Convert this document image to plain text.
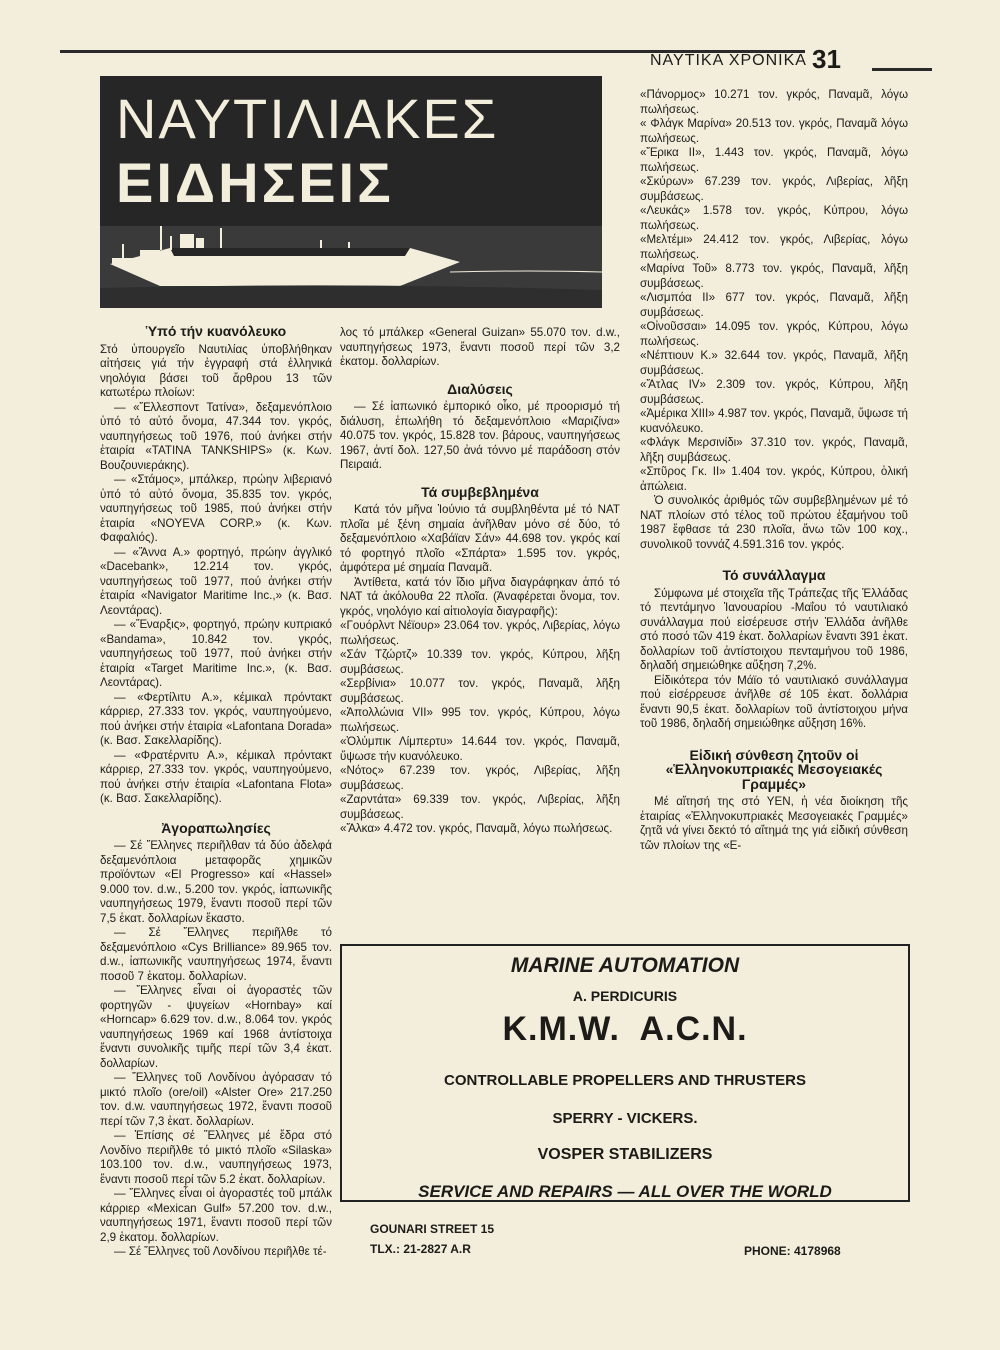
ΝΑΥΤΙΚΑ ΧΡΟΝΙΚΑ 31
ΝΑΥΤΙΛΙΑΚΕΣ
ΕΙΔΗΣΕΙΣ
Ὑπό τήν κυανόλευκο

Στό ὑπουργεῖο Ναυτιλίας ὑποβλήθηκαν αἰτήσεις γιά τήν ἐγγραφή στά ἑλληνικά νηολόγια βάσει τοῦ ἄρθρου 13 τῶν κατωτέρω πλοίων:

— «Ἕλλεσποντ Τατίνα», δεξαμενόπλοιο ὑπό τό αὐτό ὄνομα, 47.344 τον. γκρός, ναυπηγήσεως τοῦ 1976, πού ἀνήκει στήν ἑταιρία «TATINA TANKSHIPS» (κ. Κων. Βουζουνιεράκης).

— «Στάμος», μπάλκερ, πρώην λιβεριανό ὑπό τό αὐτό ὄνομα, 35.835 τον. γκρός, ναυπηγήσεως τοῦ 1985, πού ἀνήκει στήν ἑταιρία «NOYEVA CORP.» (κ. Κων. Φαφαλιός).

— «Ἄννα Α.» φορτηγό, πρώην ἀγγλικό «Dacebank», 12.214 τον. γκρός, ναυπηγήσεως τοῦ 1977, πού ἀνήκει στήν ἑταιρία «Navigator Maritime Inc.,» (κ. Βασ. Λεοντάρας).

— «Ἔναρξις», φορτηγό, πρώην κυπριακό «Bandama», 10.842 τον. γκρός, ναυπηγήσεως τοῦ 1977, πού ἀνήκει στήν ἑταιρία «Target Maritime Inc.», (κ. Βασ. Λεοντάρας).

— «Φερτίλιτυ Α.», κέμικαλ πρόντακτ κάρριερ, 27.333 τον. γκρός, ναυπηγούμενο, πού ἀνήκει στήν ἑταιρία «Lafontana Dorada» (κ. Βασ. Σακελλαρίδης).

— «Φρατέρνιτυ Α.», κέμικαλ πρόντακτ κάρριερ, 27.333 τον. γκρός, ναυπηγούμενο, πού ἀνήκει στήν ἑταιρία «Lafontana Flota» (κ. Βασ. Σακελλαρίδης).

Ἀγοραπωλησίες

— Σέ Ἕλληνες περιῆλθαν τά δύο ἀδελφά δεξαμενόπλοια μεταφορᾶς χημικῶν προϊόντων «El Progresso» καί «Hassel» 9.000 τον. d.w., 5.200 τον. γκρός, ἰαπωνικῆς ναυπηγήσεως 1979, ἔναντι ποσοῦ περί τῶν 7,5 ἑκατ. δολλαρίων ἕκαστο.

— Σέ Ἕλληνες περιῆλθε τό δεξαμενόπλοιο «Cys Brilliance» 89.965 τον. d.w., ἰαπωνικῆς ναυπηγήσεως 1974, ἔναντι ποσοῦ 7 ἑκατομ. δολλαρίων.

— Ἕλληνες εἶναι οἱ ἀγοραστές τῶν φορτηγῶν - ψυγείων «Hornbay» καί «Horncap» 6.629 τον. d.w., 8.064 τον. γκρός ναυπηγήσεως 1969 καί 1968 ἀντίστοιχα ἔναντι συνολικῆς τιμῆς περί τῶν 3,4 ἑκατ. δολλαρίων.

— Ἕλληνες τοῦ Λονδίνου ἀγόρασαν τό μικτό πλοῖο (ore/oil) «Alster Ore» 217.250 τον. d.w. ναυπηγήσεως 1972, ἔναντι ποσοῦ περί τῶν 7,3 ἑκατ. δολλαρίων.

— Ἐπίσης σέ Ἕλληνες μέ ἕδρα στό Λονδίνο περιῆλθε τό μικτό πλοῖο «Silaska» 103.100 τον. d.w., ναυπηγήσεως 1973, ἔναντι ποσοῦ περί τῶν 5.2 ἑκατ. δολλαρίων.

— Ἕλληνες εἶναι οἱ ἀγοραστές τοῦ μπάλκ κάρριερ «Mexican Gulf» 57.200 τον. d.w., ναυπηγήσεως 1971, ἔναντι ποσοῦ περί τῶν 2,9 ἑκατομ. δολλαρίων.

— Σέ Ἕλληνες τοῦ Λονδίνου περιῆλθε τέ-

λος τό μπάλκερ «General Guizan» 55.070 τον. d.w., ναυπηγήσεως 1973, ἔναντι ποσοῦ περί τῶν 3,2 ἑκατομ. δολλαρίων.

Διαλύσεις

— Σέ ἰαπωνικό ἐμπορικό οἶκο, μέ προορισμό τή διάλυση, ἐπωλήθη τό δεξαμενόπλοιο «Μαριζίνα» 40.075 τον. γκρός, 15.828 τον. βάρους, ναυπηγήσεως 1967, ἀντί δολ. 127,50 ἀνά τόννο μέ παράδοση στόν Πειραιά.

Τά συμβεβλημένα

Κατά τόν μῆνα Ἰούνιο τά συμβληθέντα μέ τό ΝΑΤ πλοῖα μέ ξένη σημαία ἀνῆλθαν μόνο σέ δύο, τό δεξαμενόπλοιο «Χαβάϊαν Σάν» 44.698 τον. γκρός καί τό φορτηγό πλοῖο «Σπάρτα» 1.595 τον. γκρός, ἀμφότερα μέ σημαία Παναμᾶ.

Ἀντίθετα, κατά τόν ἴδιο μῆνα διαγράφηκαν ἀπό τό ΝΑΤ τά ἀκόλουθα 22 πλοῖα. (Ἀναφέρεται ὄνομα, τον. γκρός, νηολόγιο καί αἰτιολογία διαγραφῆς):

«Γουόρλντ Νέϊουρ» 23.064 τον. γκρός, Λιβερίας, λόγω πωλήσεως.

«Σάν Τζώρτζ» 10.339 τον. γκρός, Κύπρου, λῆξη συμβάσεως.

«Σερβίνια» 10.077 τον. γκρός, Παναμᾶ, λῆξη συμβάσεως.

«Ἀπολλώνια VII» 995 τον. γκρός, Κύπρου, λόγω πωλήσεως.

«Ὀλύμπικ Λίμπερτυ» 14.644 τον. γκρός, Παναμᾶ, ὕψωσε τήν κυανόλευκο.

«Νότος» 67.239 τον. γκρός, Λιβερίας, λῆξη συμβάσεως.

«Ζαρντάτα» 69.339 τον. γκρός, Λιβερίας, λῆξη συμβάσεως.

«Ἄλκα» 4.472 τον. γκρός, Παναμᾶ, λόγω πωλήσεως.

«Πάνορμος» 10.271 τον. γκρός, Παναμᾶ, λόγω πωλήσεως.

« Φλάγκ Μαρίνα» 20.513 τον. γκρός, Παναμᾶ λόγω πωλήσεως.

«Ἔρικα II», 1.443 τον. γκρός, Παναμᾶ, λόγω πωλήσεως.

«Σκύρων» 67.239 τον. γκρός, Λιβερίας, λῆξη συμβάσεως.

«Λευκάς» 1.578 τον. γκρός, Κύπρου, λόγω πωλήσεως.

«Μελτέμι» 24.412 τον. γκρός, Λιβερίας, λόγω πωλήσεως.

«Μαρίνα Τοῦ» 8.773 τον. γκρός, Παναμᾶ, λῆξη συμβάσεως.

«Λισμπόα II» 677 τον. γκρός, Παναμᾶ, λῆξη συμβάσεως.

«Οἰνοῦσσαι» 14.095 τον. γκρός, Κύπρου, λόγω πωλήσεως.

«Νέπτιουν Κ.» 32.644 τον. γκρός, Παναμᾶ, λῆξη συμβάσεως.

«Ἄτλας IV» 2.309 τον. γκρός, Κύπρου, λῆξη συμβάσεως.

«Ἀμέρικα XIII» 4.987 τον. γκρός, Παναμᾶ, ὕψωσε τή κυανόλευκο.

«Φλάγκ Μερσινίδι» 37.310 τον. γκρός, Παναμᾶ, λῆξη συμβάσεως.

«Σπῦρος Γκ. II» 1.404 τον. γκρός, Κύπρου, ὁλική ἀπώλεια.

Ὁ συνολικός ἀριθμός τῶν συμβεβλημένων μέ τό ΝΑΤ πλοίων στό τέλος τοῦ πρώτου ἑξαμήνου τοῦ 1987 ἔφθασε τά 230 πλοῖα, ἄνω τῶν 100 κοχ., συνολικοῦ τοννάζ 4.591.316 τον. γκρός.

Τό συνάλλαγμα

Σύμφωνα μέ στοιχεῖα τῆς Τράπεζας τῆς Ἑλλάδας τό πεντάμηνο Ἰανουαρίου -Μαΐου τό ναυτιλιακό συνάλλαγμα πού εἰσέρευσε στήν Ἑλλάδα ἀνῆλθε στό ποσό τῶν 419 ἑκατ. δολλαρίων ἔναντι 391 ἑκατ. δολλαρίων τοῦ ἀντίστοιχου πενταμήνου τοῦ 1986, δηλαδή σημειώθηκε αὔξηση 7,2%.

Εἰδικότερα τόν Μάϊο τό ναυτιλιακό συνάλλαγμα πού εἰσέρρευσε ἀνῆλθε σέ 105 ἑκατ. δολλάρια ἔναντι 90,5 ἑκατ. δολλαρίων τοῦ ἀντίστοιχου μήνα τοῦ 1986, δηλαδή σημειώθηκε αὔξηση 16%.

Εἰδική σύνθεση ζητοῦν οἱ «Ἑλληνοκυπριακές Μεσογειακές Γραμμές»

Μέ αἴτησή της στό ΥΕΝ, ἡ νέα διοίκηση τῆς ἑταιρίας «Ἑλληνοκυπριακές Μεσογειακές Γραμμές» ζητᾶ νά γίνει δεκτό τό αἴτημά της γιά εἰδική σύνθεση τῶν πλοίων της «Ε-

MARINE AUTOMATION
A. PERDICURIS
K.M.W.  A.C.N.
CONTROLLABLE PROPELLERS AND THRUSTERS
SPERRY - VICKERS.
VOSPER STABILIZERS
SERVICE AND REPAIRS — ALL OVER THE WORLD
GOUNARI STREET 15
TLX.: 21-2827 A.R	PHONE: 4178968
